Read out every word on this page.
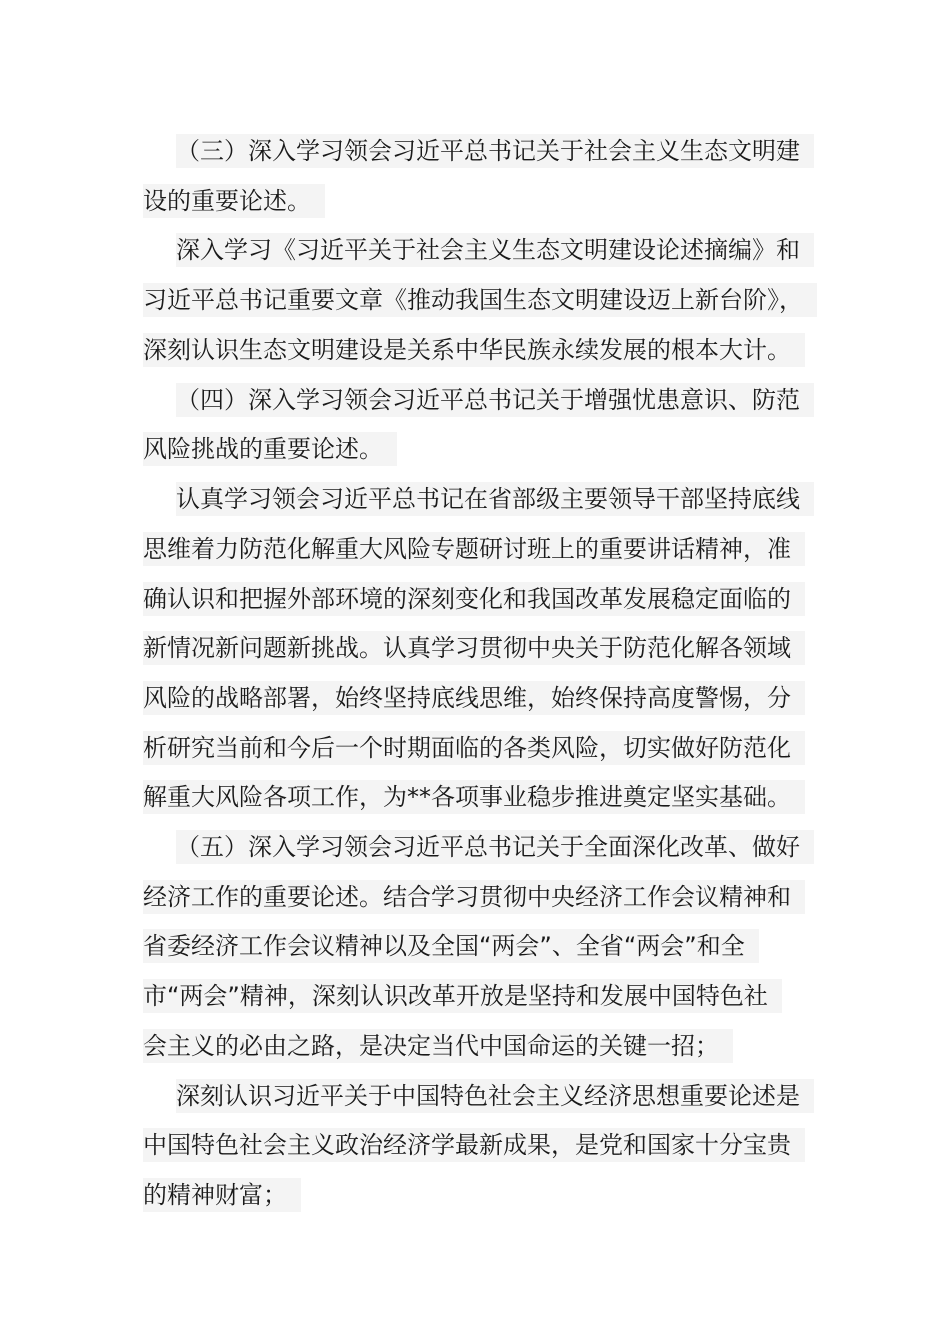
（三）深入学习领会习近平总书记关于社会主义生态文明建
设的重要论述。
深入学习《习近平关于社会主义生态文明建设论述摘编》和
习近平总书记重要文章《推动我国生态文明建设迈上新台阶》，
深刻认识生态文明建设是关系中华民族永续发展的根本大计。
（四）深入学习领会习近平总书记关于增强忧患意识、防范
风险挑战的重要论述。
认真学习领会习近平总书记在省部级主要领导干部坚持底线
思维着力防范化解重大风险专题研讨班上的重要讲话精神，准
确认识和把握外部环境的深刻变化和我国改革发展稳定面临的
新情况新问题新挑战。认真学习贯彻中央关于防范化解各领域
风险的战略部署，始终坚持底线思维，始终保持高度警惕，分
析研究当前和今后一个时期面临的各类风险，切实做好防范化
解重大风险各项工作，为**各项事业稳步推进奠定坚实基础。
（五）深入学习领会习近平总书记关于全面深化改革、做好
经济工作的重要论述。结合学习贯彻中央经济工作会议精神和
省委经济工作会议精神以及全国“两会”、全省“两会”和全
市“两会”精神，深刻认识改革开放是坚持和发展中国特色社
会主义的必由之路，是决定当代中国命运的关键一招；
深刻认识习近平关于中国特色社会主义经济思想重要论述是
中国特色社会主义政治经济学最新成果，是党和国家十分宝贵
的精神财富；
